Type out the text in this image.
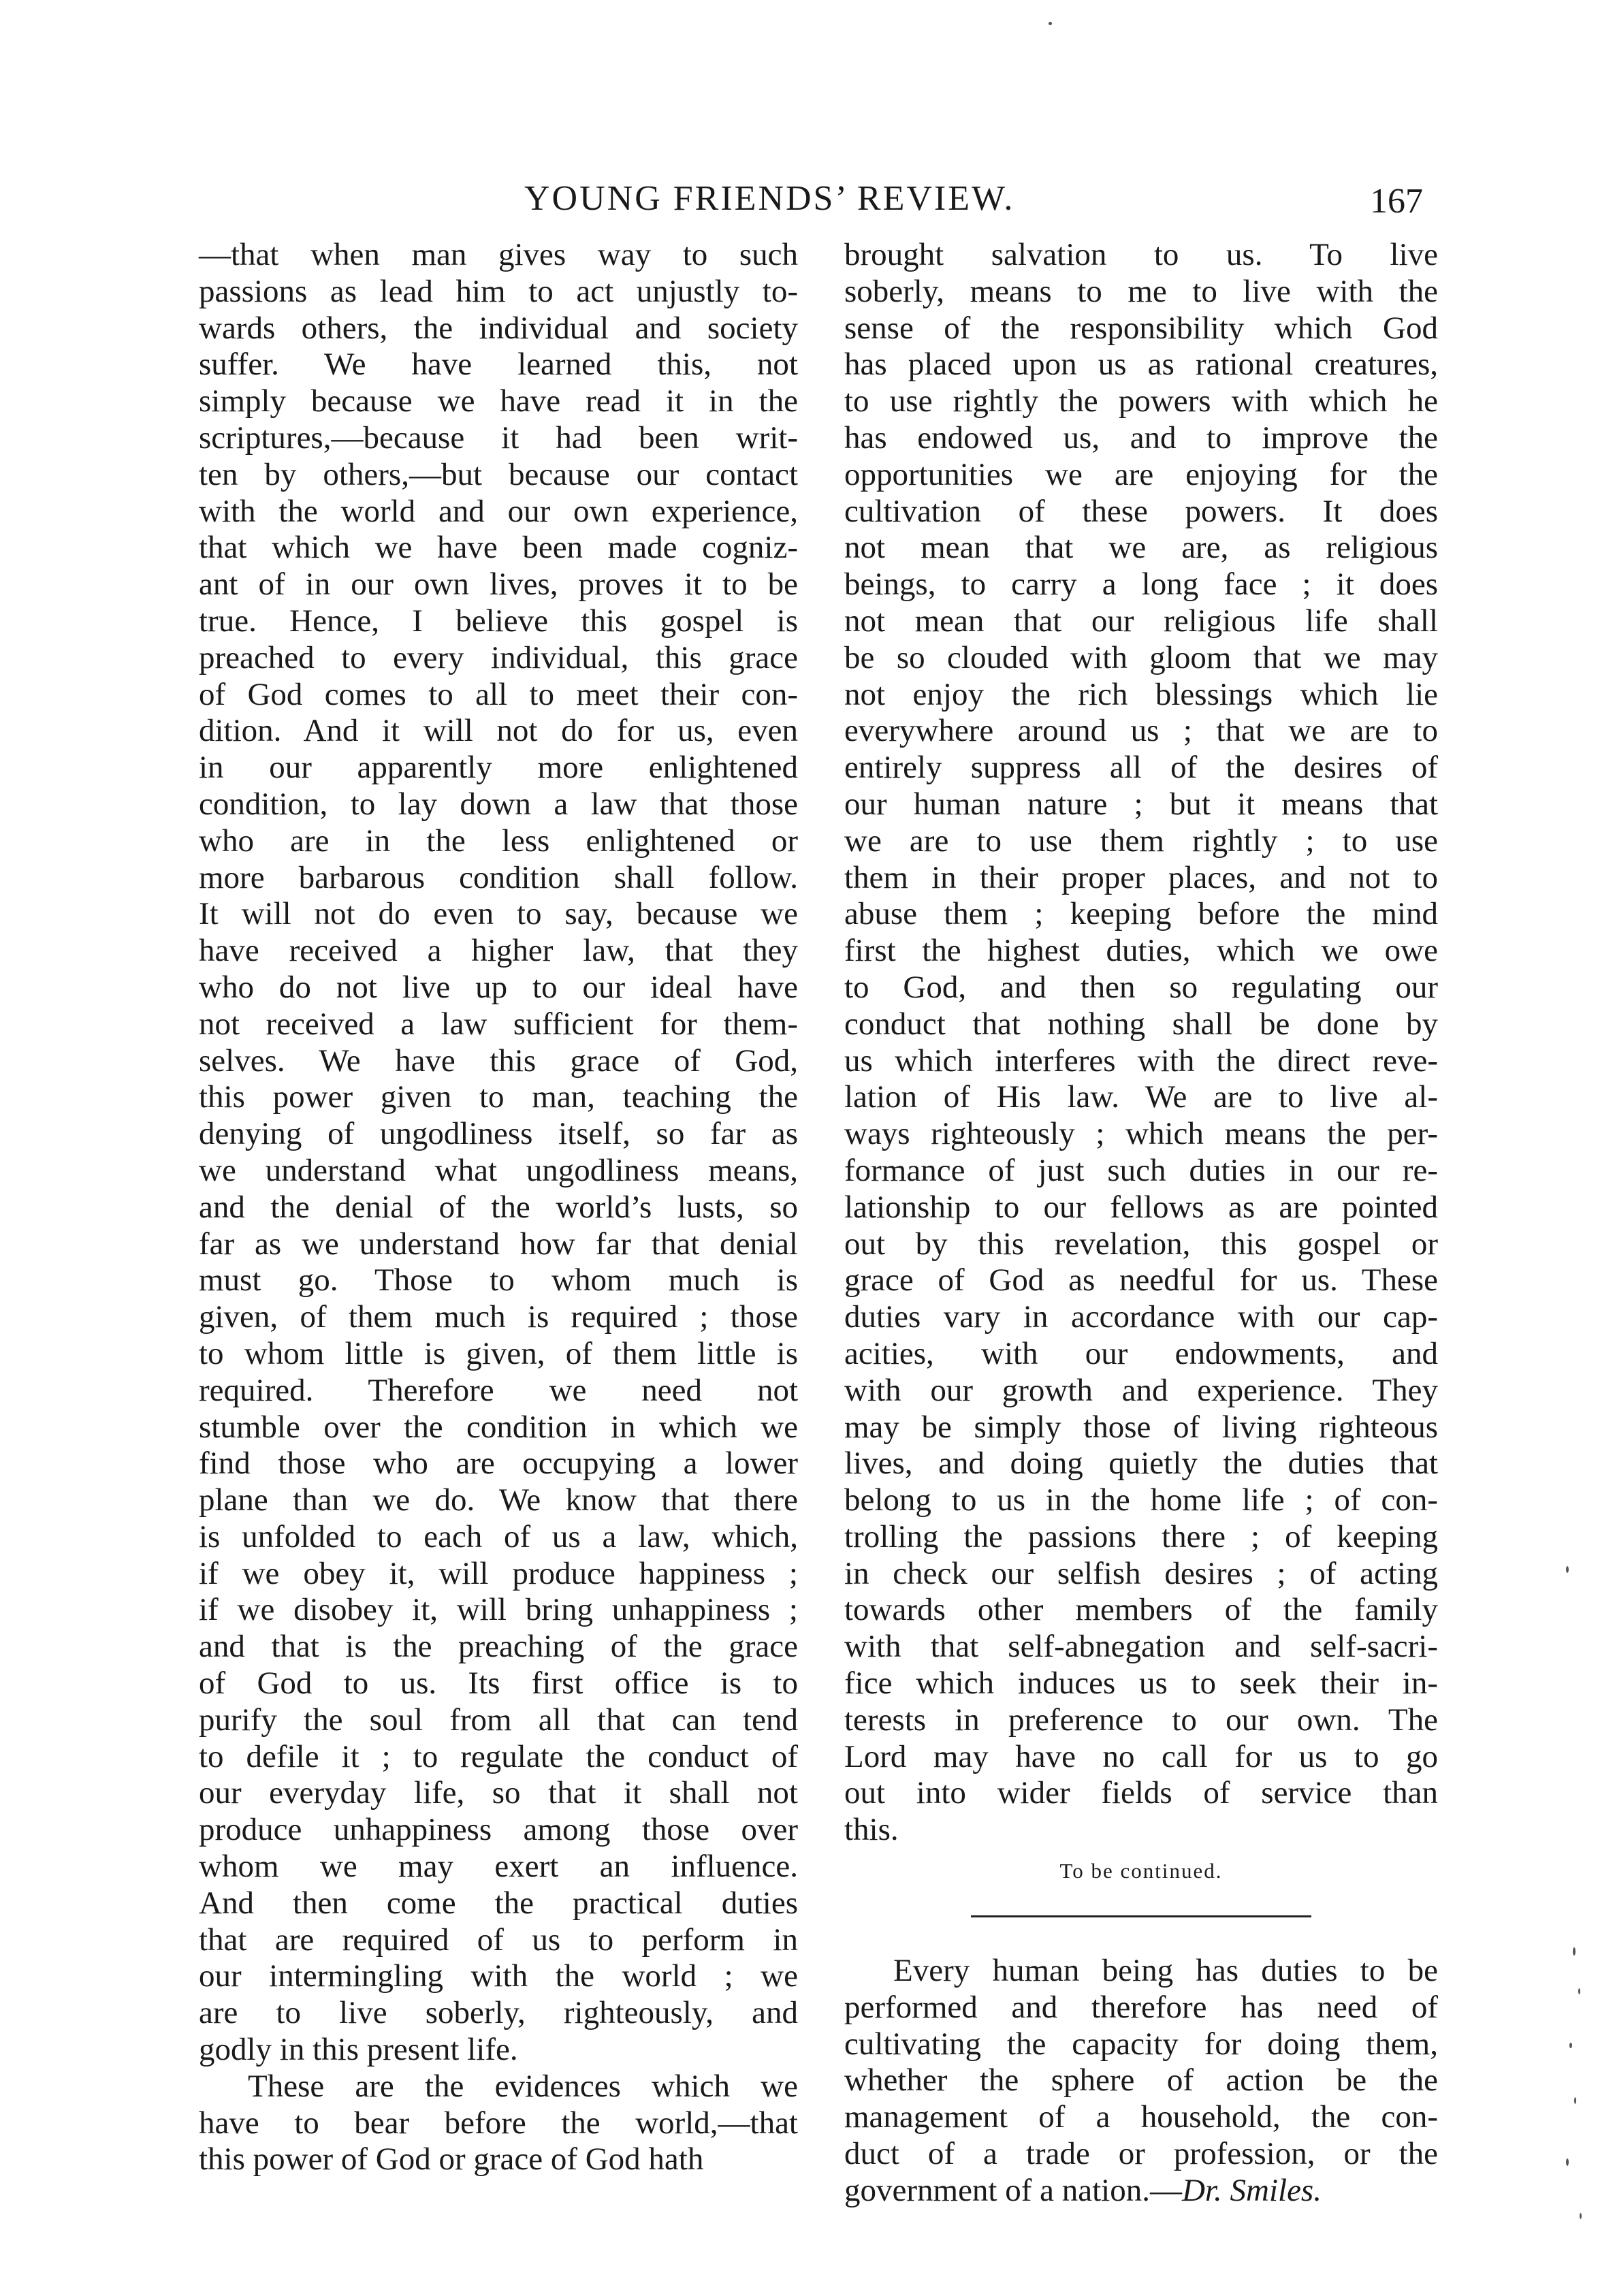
YOUNG FRIENDS’ REVIEW.	167
—that when man gives way to such
passions as lead him to act unjustly to-
wards others, the individual and society
suffer. We have learned this, not
simply because we have read it in the
scriptures,—because it had been writ-
ten by others,—but because our contact
with the world and our own experience,
that which we have been made cogniz-
ant of in our own lives, proves it to be
true. Hence, I believe this gospel is
preached to every individual, this grace
of God comes to all to meet their con-
dition. And it will not do for us, even
in our apparently more enlightened
condition, to lay down a law that those
who are in the less enlightened or
more barbarous condition shall follow.
It will not do even to say, because we
have received a higher law, that they
who do not live up to our ideal have
not received a law sufficient for them-
selves. We have this grace of God,
this power given to man, teaching the
denying of ungodliness itself, so far as
we understand what ungodliness means,
and the denial of the world’s lusts, so
far as we understand how far that denial
must go. Those to whom much is
given, of them much is required ; those
to whom little is given, of them little is
required. Therefore we need not
stumble over the condition in which we
find those who are occupying a lower
plane than we do. We know that there
is unfolded to each of us a law, which,
if we obey it, will produce happiness ;
if we disobey it, will bring unhappiness ;
and that is the preaching of the grace
of God to us. Its first office is to
purify the soul from all that can tend
to defile it ; to regulate the conduct of
our everyday life, so that it shall not
produce unhappiness among those over
whom we may exert an influence.
And then come the practical duties
that are required of us to perform in
our intermingling with the world ; we
are to live soberly, righteously, and
godly in this present life.
These are the evidences which we
have to bear before the world,—that
this power of God or grace of God hath
brought salvation to us. To live
soberly, means to me to live with the
sense of the responsibility which God
has placed upon us as rational creatures,
to use rightly the powers with which he
has endowed us, and to improve the
opportunities we are enjoying for the
cultivation of these powers. It does
not mean that we are, as religious
beings, to carry a long face ; it does
not mean that our religious life shall
be so clouded with gloom that we may
not enjoy the rich blessings which lie
everywhere around us ; that we are to
entirely suppress all of the desires of
our human nature ; but it means that
we are to use them rightly ; to use
them in their proper places, and not to
abuse them ; keeping before the mind
first the highest duties, which we owe
to God, and then so regulating our
conduct that nothing shall be done by
us which interferes with the direct reve-
lation of His law. We are to live al-
ways righteously ; which means the per-
formance of just such duties in our re-
lationship to our fellows as are pointed
out by this revelation, this gospel or
grace of God as needful for us. These
duties vary in accordance with our cap-
acities, with our endowments, and
with our growth and experience. They
may be simply those of living righteous
lives, and doing quietly the duties that
belong to us in the home life ; of con-
trolling the passions there ; of keeping
in check our selfish desires ; of acting
towards other members of the family
with that self-abnegation and self-sacri-
fice which induces us to seek their in-
terests in preference to our own. The
Lord may have no call for us to go
out into wider fields of service than
this.
To be continued.
Every human being has duties to be
performed and therefore has need of
cultivating the capacity for doing them,
whether the sphere of action be the
management of a household, the con-
duct of a trade or profession, or the
government of a nation.—Dr. Smiles.
